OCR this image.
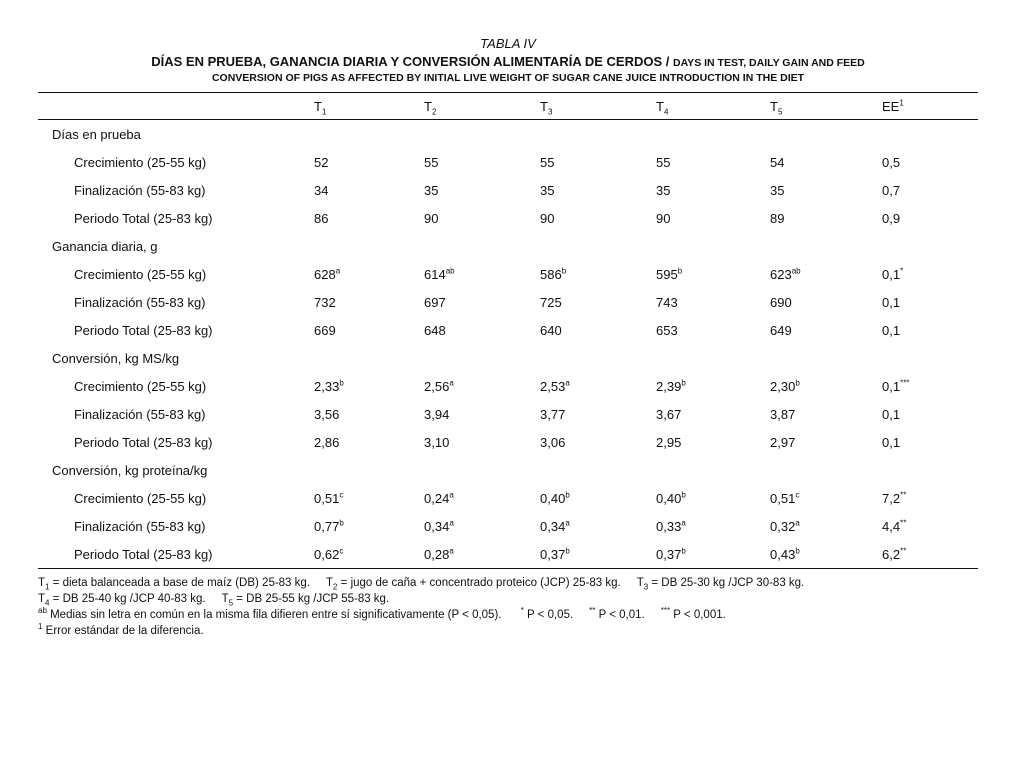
TABLA IV
DÍAS EN PRUEBA, GANANCIA DIARIA Y CONVERSIÓN ALIMENTARÍA DE CERDOS / DAYS IN TEST, DAILY GAIN AND FEED
CONVERSION OF PIGS AS AFFECTED BY INITIAL LIVE WEIGHT OF SUGAR CANE JUICE INTRODUCTION IN THE DIET
	$T_1$	$T_2$	$T_3$	$T_4$	$T_5$	$EE^1$
Días en prueba						
Crecimiento (25-55 kg)	52	55	55	55	54	0,5
Finalización (55-83 kg)	34	35	35	35	35	0,7
Periodo Total (25-83 kg)	86	90	90	90	89	0,9
Ganancia diaria, g						
Crecimiento (25-55 kg)	628$^a$	$614^{ab}$	586$^b$	595$^b$	$623^{ab}$	0,1*
Finalización (55-83 kg)	732	697	725	743	690	0,1
Periodo Total (25-83 kg)	669	648	640	653	649	0,1
Conversión, kg MS/kg						
Crecimiento (25-55 kg)	2,33$^b$	2,56$^a$	2,53$^a$	2,39$^b$	2,30$^b$	0,1***
Finalización (55-83 kg)	3,56	3,94	3,77	3,67	3,87	0,1
Periodo Total (25-83 kg)	2,86	3,10	3,06	2,95	2,97	0,1
Conversión, kg proteína/kg						
Crecimiento (25-55 kg)	0,51$^c$	0,24$^a$	0,40$^b$	0,40$^b$	0,51$^c$	7,2**
Finalización (55-83 kg)	0,77$^b$	0,34$^a$	0,34$^a$	0,33$^a$	0,32$^a$	4,4**
Periodo Total (25-83 kg)	0,62$^c$	0,28$^a$	0,37$^b$	0,37$^b$	0,43$^b$	6,2**

$T_1$ = dieta balanceada a base de maíz (DB) 25-83 kg. $T_2$ = jugo de caña + concentrado proteico (JCP) 25-83 kg. $T_3$ = DB 25-30 kg /JCP 30-83 kg.

$T_4$ = DB 25-40 kg /JCP 40-83 kg. $T_5$ = DB 25-55 kg /JCP 55-83 kg.

$^{ab}$ Medias sin letra en común en la misma fila difieren entre sí significativamente (P < 0,05). * P < 0,05. ** P < 0,01. *** P < 0,001.

$^1$ Error estándar de la diferencia.
